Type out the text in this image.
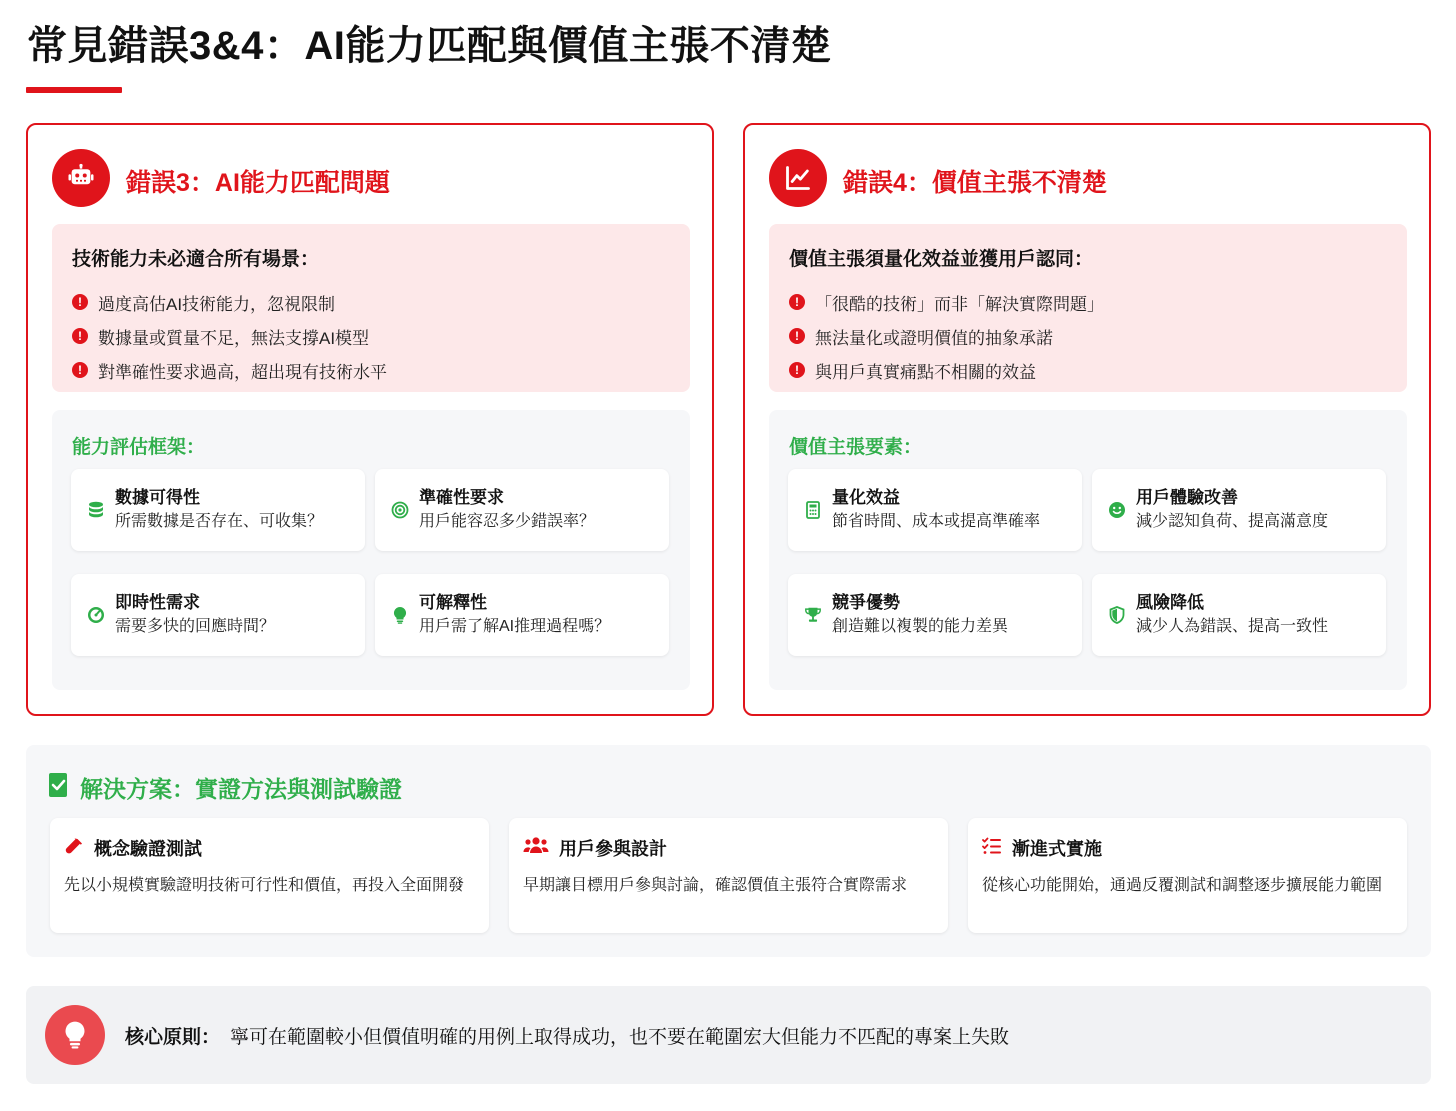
常見錯誤3&4：AI能力匹配與價值主張不清楚
錯誤3：AI能力匹配問題
技術能力未必適合所有場景：
! 過度高估AI技術能力，忽視限制
! 數據量或質量不足，無法支撐AI模型
! 對準確性要求過高，超出現有技術水平
能力評估框架：
數據可得性
所需數據是否存在、可收集？
準確性要求
用戶能容忍多少錯誤率？
即時性需求
需要多快的回應時間？
可解釋性
用戶需了解AI推理過程嗎？
錯誤4：價值主張不清楚
價值主張須量化效益並獲用戶認同：
! 「很酷的技術」而非「解決實際問題」
! 無法量化或證明價值的抽象承諾
! 與用戶真實痛點不相關的效益
價值主張要素：
量化效益
節省時間、成本或提高準確率
用戶體驗改善
減少認知負荷、提高滿意度
競爭優勢
創造難以複製的能力差異
風險降低
減少人為錯誤、提高一致性
解決方案：實證方法與測試驗證
概念驗證測試
先以小規模實驗證明技術可行性和價值，再投入全面開發
用戶參與設計
早期讓目標用戶參與討論，確認價值主張符合實際需求
漸進式實施
從核心功能開始，通過反覆測試和調整逐步擴展能力範圍
核心原則： 寧可在範圍較小但價值明確的用例上取得成功，也不要在範圍宏大但能力不匹配的專案上失敗
